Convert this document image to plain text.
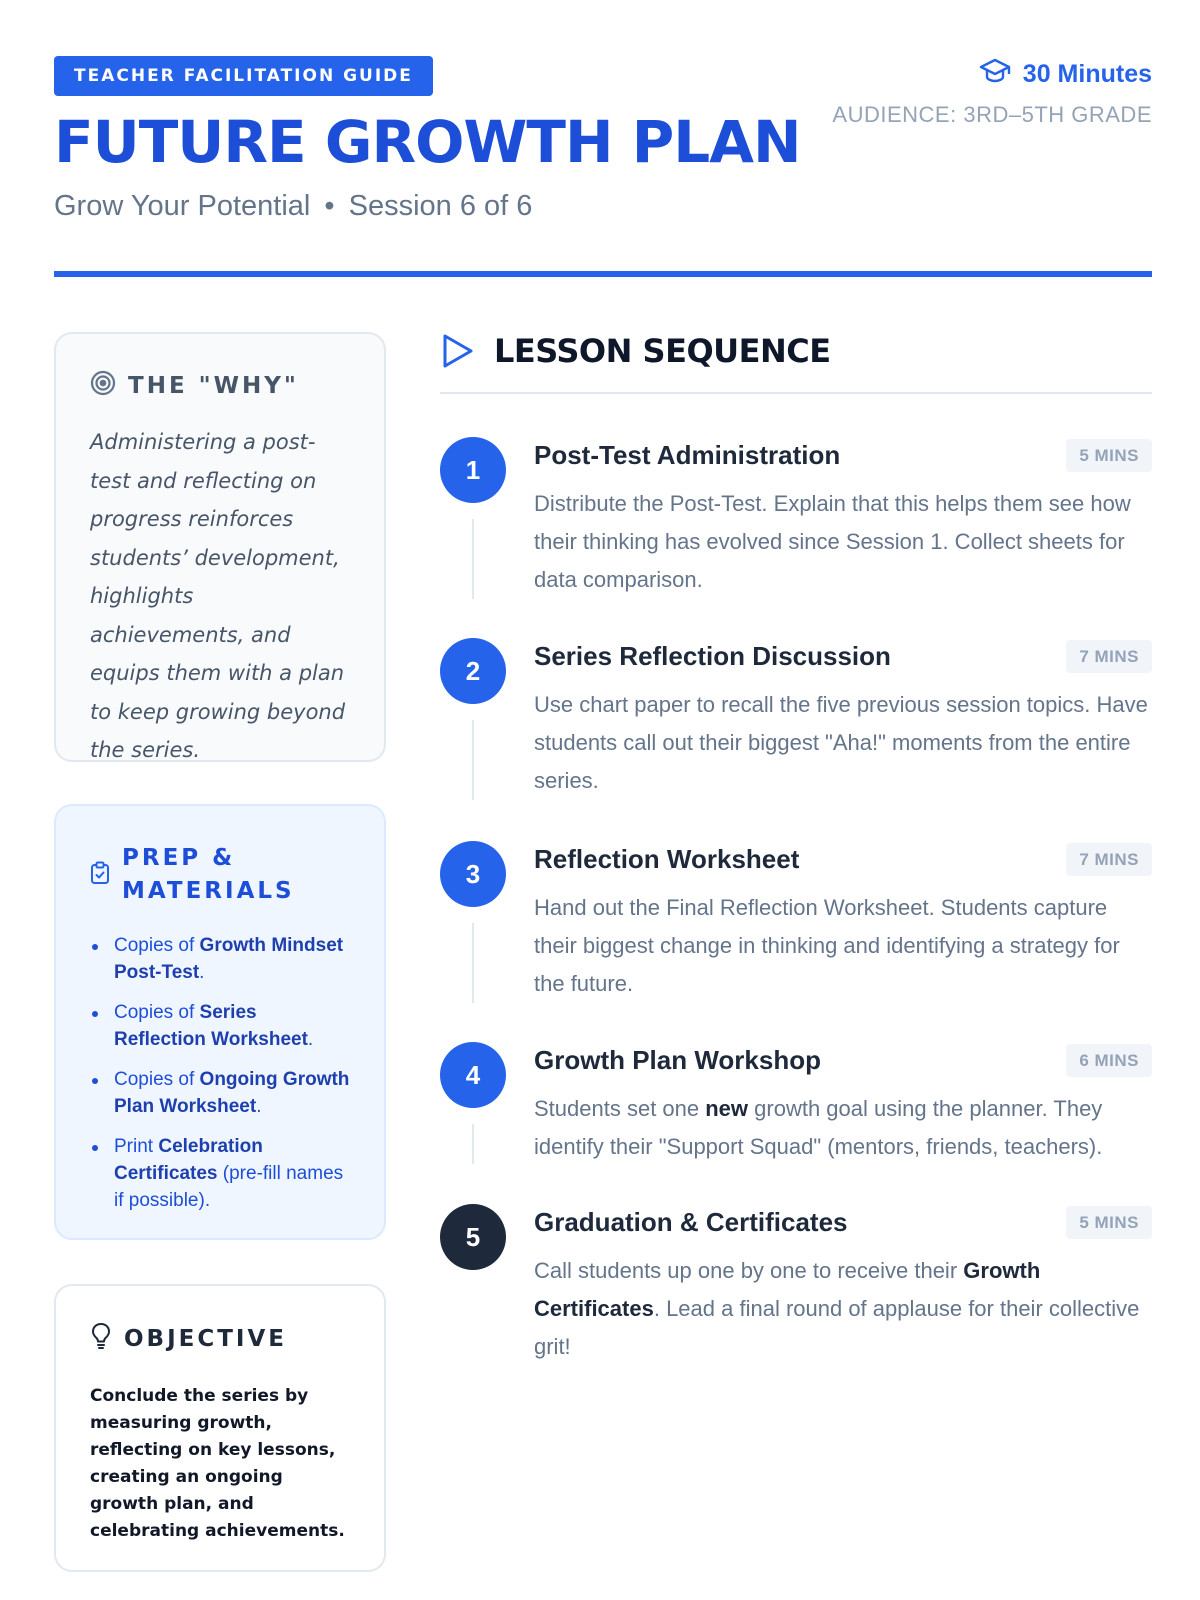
TEACHER FACILITATION GUIDE
FUTURE GROWTH PLAN
Grow Your Potential • Session 6 of 6
30 Minutes
AUDIENCE: 3RD–5TH GRADE
THE "WHY"

Administering a post-test and reflecting on progress reinforces students’ development, highlights achievements, and equips them with a plan to keep growing beyond the series.

PREP & MATERIALS
Copies of Growth Mindset Post-Test.
Copies of Series Reflection Worksheet.
Copies of Ongoing Growth Plan Worksheet.
Print Celebration Certificates (pre-fill names if possible).
OBJECTIVE

Conclude the series by measuring growth, reflecting on key lessons, creating an ongoing growth plan, and celebrating achievements.

LESSON SEQUENCE
1	Post-Test Administration	5 MINS
Distribute the Post-Test. Explain that this helps them see how their thinking has evolved since Session 1. Collect sheets for data comparison.
2	Series Reflection Discussion	7 MINS
Use chart paper to recall the five previous session topics. Have students call out their biggest "Aha!" moments from the entire series.
3	Reflection Worksheet	7 MINS
Hand out the Final Reflection Worksheet. Students capture their biggest change in thinking and identifying a strategy for the future.
4	Growth Plan Workshop	6 MINS
Students set one new growth goal using the planner. They identify their "Support Squad" (mentors, friends, teachers).
5	Graduation & Certificates	5 MINS
Call students up one by one to receive their Growth Certificates. Lead a final round of applause for their collective grit!
